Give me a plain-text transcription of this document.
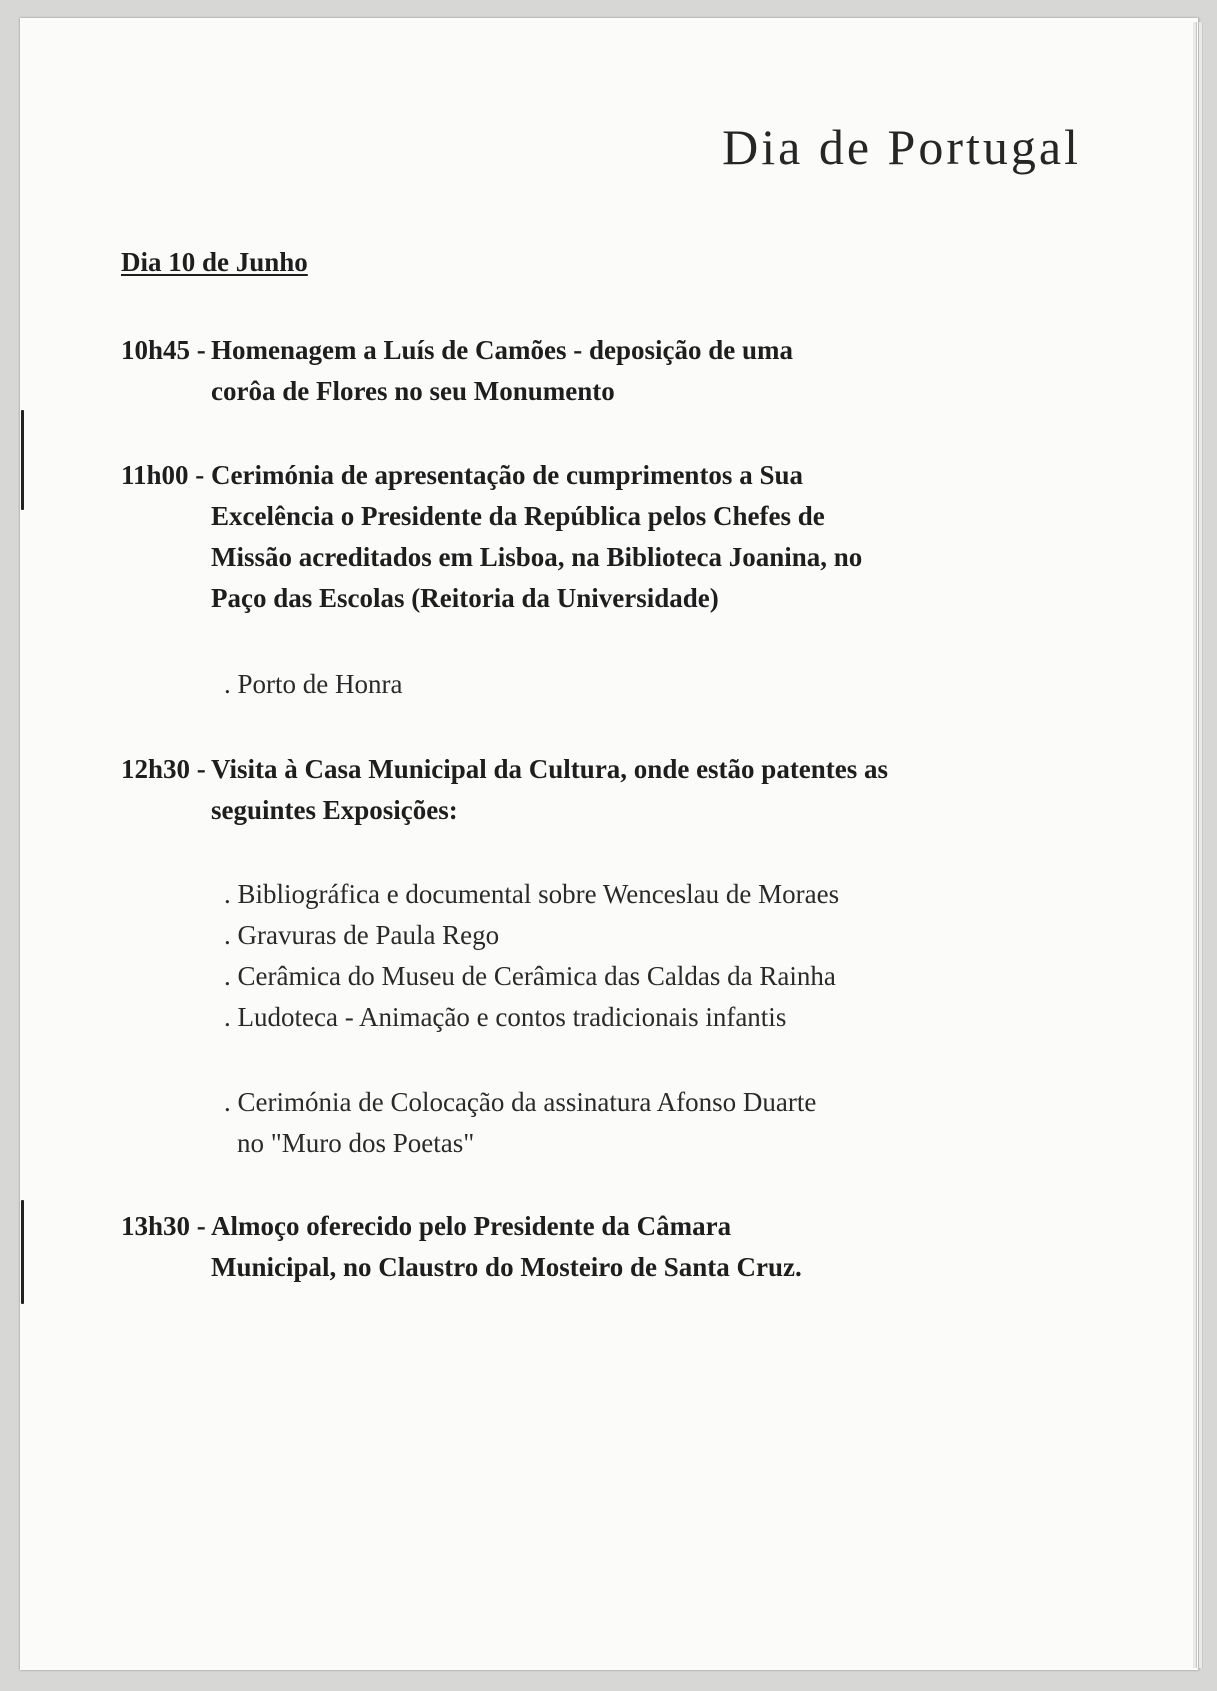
Dia de Portugal
Dia 10 de Junho
10h45 - Homenagem a Luís de Camões - deposição de uma
corôa de Flores no seu Monumento
11h00 - Cerimónia de apresentação de cumprimentos a Sua
Excelência o Presidente da República pelos Chefes de
Missão acreditados em Lisboa, na Biblioteca Joanina, no
Paço das Escolas (Reitoria da Universidade)
. Porto de Honra
12h30 - Visita à Casa Municipal da Cultura, onde estão patentes as
seguintes Exposições:
. Bibliográfica e documental sobre Wenceslau de Moraes
. Gravuras de Paula Rego
. Cerâmica do Museu de Cerâmica das Caldas da Rainha
. Ludoteca - Animação e contos tradicionais infantis
. Cerimónia de Colocação da assinatura Afonso Duarte
no "Muro dos Poetas"
13h30 - Almoço oferecido pelo Presidente da Câmara
Municipal, no Claustro do Mosteiro de Santa Cruz.
